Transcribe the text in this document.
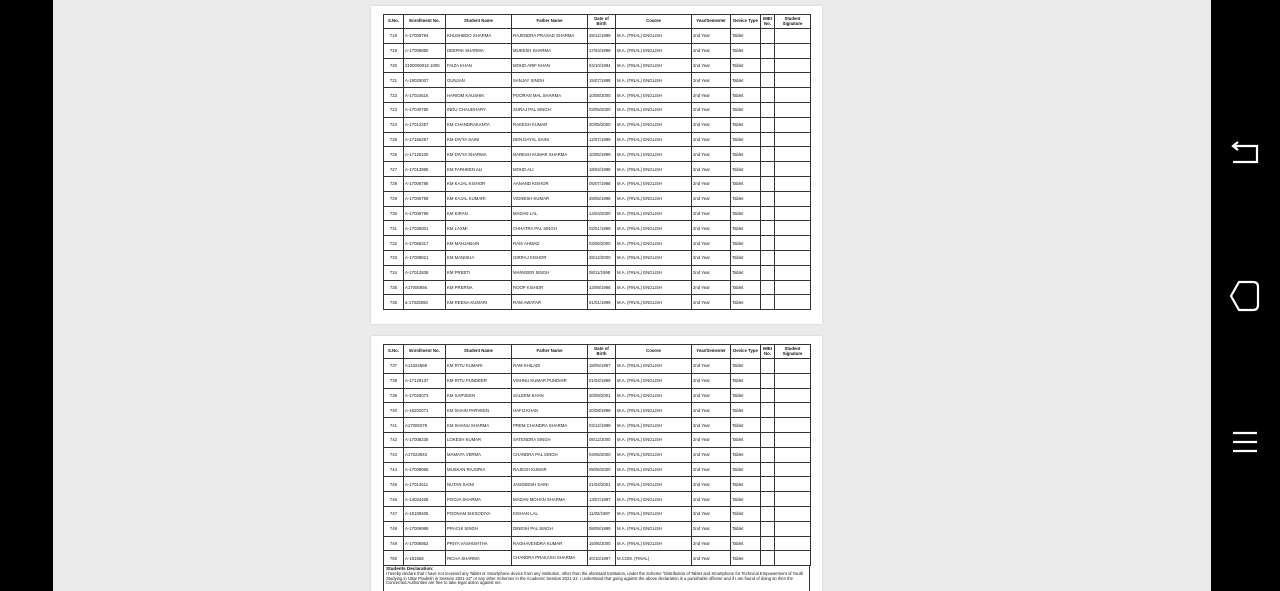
S.No.	Enrollment No.	Student Name	Father Name	Date of Birth	Course	Year/Semester	Device Type	IMEI No.	Student Signature
718	A-17006794	KHUSHBOO SHARMA	RAJENDRA PRASAD SHARMA	28/12/1999	M.A. (FINAL) ENGLISH	2nd Year	Tablet		
719	A-17006880	DEEPAK SHARMA	MUKESH SHARMA	17/04/1998	M.A. (FINAL) ENGLISH	2nd Year	Tablet		
720	2100006015 1005	FAIZA KHAN	MOHD ARIF KHAN	04/10/1994	M.A. (FINAL) ENGLISH	2nd Year	Tablet		
721	A-18025007	GUNJAN	SANJAY SINGH	15/07/1998	M.A. (FINAL) ENGLISH	2nd Year	Tablet		
722	A-17024516	HARIOM KAUSHIK	POORAN MAL SHARMA	10/08/2000	M.A. (FINAL) ENGLISH	2nd Year	Tablet		
723	A-17040780	INDU CHAUDHARY	SURAJ PAL SINGH	03/05/2000	M.A. (FINAL) ENGLISH	2nd Year	Tablet		
724	A-17012257	KM CHANDRAKANTA	RAKESH KUMAR	20/05/2000	M.A. (FINAL) ENGLISH	2nd Year	Tablet		
725	A-17165297	KM DIVYA SAINI	DEN DAYAL SAINI	12/07/1999	M.A. (FINAL) ENGLISH	2nd Year	Tablet		
726	A-17125100	KM DIVYA SHARMA	NARESH KUMAR SHARMA	10/05/1999	M.A. (FINAL) ENGLISH	2nd Year	Tablet		
727	A-17013985	KM FARHEEN ALI	MOHD ALI	18/04/1998	M.A. (FINAL) ENGLISH	2nd Year	Tablet		
728	A-17006788	KM KAJAL KISHOR	AANAND KISHOR	05/07/1998	M.A. (FINAL) ENGLISH	2nd Year	Tablet		
729	A-17006789	KM KAJAL KUMARI	VIGNESH KUMAR	28/05/1998	M.A. (FINAL) ENGLISH	2nd Year	Tablet		
730	A-17006799	KM KIRAN	MADAN LAL	14/04/2000	M.A. (FINAL) ENGLISH	2nd Year	Tablet		
731	A-17025001	KM LAXMI	CHHATRA PAL SINGH	02/01/1998	M.A. (FINAL) ENGLISH	2nd Year	Tablet		
732	A-17065317	KM MAHJABAIN	RAIS AHMAD	03/06/2000	M.A. (FINAL) ENGLISH	2nd Year	Tablet		
733	A-17008821	KM MANISHA	GIRRAJ KISHOR	28/12/2000	M.A. (FINAL) ENGLISH	2nd Year	Tablet		
734	A-17012838	KM PREETI	MANVEER SINGH	08/11/1998	M.A. (FINAL) ENGLISH	2nd Year	Tablet		
735	A17006856	KM PRERNA	ROOP KISHOR	13/09/1998	M.A. (FINAL) ENGLISH	2nd Year	Tablet		
736	a-17025050	KM REENA KUMARI	RAM AWATAR	01/01/1999	M.A. (FINAL) ENGLISH	2nd Year	Tablet		
S.No.	Enrollment No.	Student Name	Father Name	Date of Birth	Course	Year/Semester	Device Type	IMEI No.	Student Signature
737	A14324568	KM RITU KUMARI	RAM KHILADI	18/05/1997	M.A. (FINAL) ENGLISH	2nd Year	Tablet		
738	A-17129137	KM RITU PUNDEER	VISHNU KUMAR PUNDHIR	01/04/1999	M.A. (FINAL) ENGLISH	2nd Year	Tablet		
739	A-17025073	KM SARVEEN	SALEEM KHAN	20/09/2001	M.A. (FINAL) ENGLISH	2nd Year	Tablet		
740	A-18202071	KM SHAIN PARVEEN	HAFIJ KHAN	20/08/1998	M.A. (FINAL) ENGLISH	2nd Year	Tablet		
741	A17006078	KM SHANU SHARMA	PREM CHANDRA SHARMA	03/12/1999	M.A. (FINAL) ENGLISH	2nd Year	Tablet		
742	A-17008236	LOKESH KUMAR	SATENDRA SINGH	08/12/2000	M.A. (FINAL) ENGLISH	2nd Year	Tablet		
743	A17023943	MAMATA VERMA	CHANDRA PAL SINGH	04/06/2000	M.A. (FINAL) ENGLISH	2nd Year	Tablet		
744	A-17008966	MUSKAN RAJORIA	RAJESH KUMAR	09/06/2000	M.A. (FINAL) ENGLISH	2nd Year	Tablet		
745	A-17012611	NUTAN SAINI	JAGDEESH SAINI	21/04/2001	M.A. (FINAL) ENGLISH	2nd Year	Tablet		
746	A-14024465	POOJA SHARMA	MADAN MOHAN SHARMA	13/07/1997	M.A. (FINAL) ENGLISH	2nd Year	Tablet		
747	A-15109406	POONAM SHISODIYA	KISHAN LAL	11/02/1997	M.A. (FINAL) ENGLISH	2nd Year	Tablet		
748	A-17006999	PRACHI SINGH	DINESH PAL SINGH	08/09/1999	M.A. (FINAL) ENGLISH	2nd Year	Tablet		
749	A-17006862	PRIYA VASHISHTHA	RAGHAVENDRA KUMAR	15/06/2000	M.A. (FINAL) ENGLISH	2nd Year	Tablet		
750	A-181558	RICHA SHARMA	CHANDRA PRAKASH SHARMA	20/10/1997	M.COM. (FINAL)	2nd Year	Tablet		
Students Declaration:
I hereby declare that I have not received any Tablet or Smartphone device from any institution, other than the aforesaid Institution, under the Scheme "Distribution of Tablet and Smartphone for Technical Empowerment of Youth Studying in Uttar Pradesh in Session 2021-22" or any other Schemes in the Academic Session 2021-22. I understand that going against the above declaration is a punishable offense and if I am found of doing so then the Concerned Authorities are free to take legal action against me.
